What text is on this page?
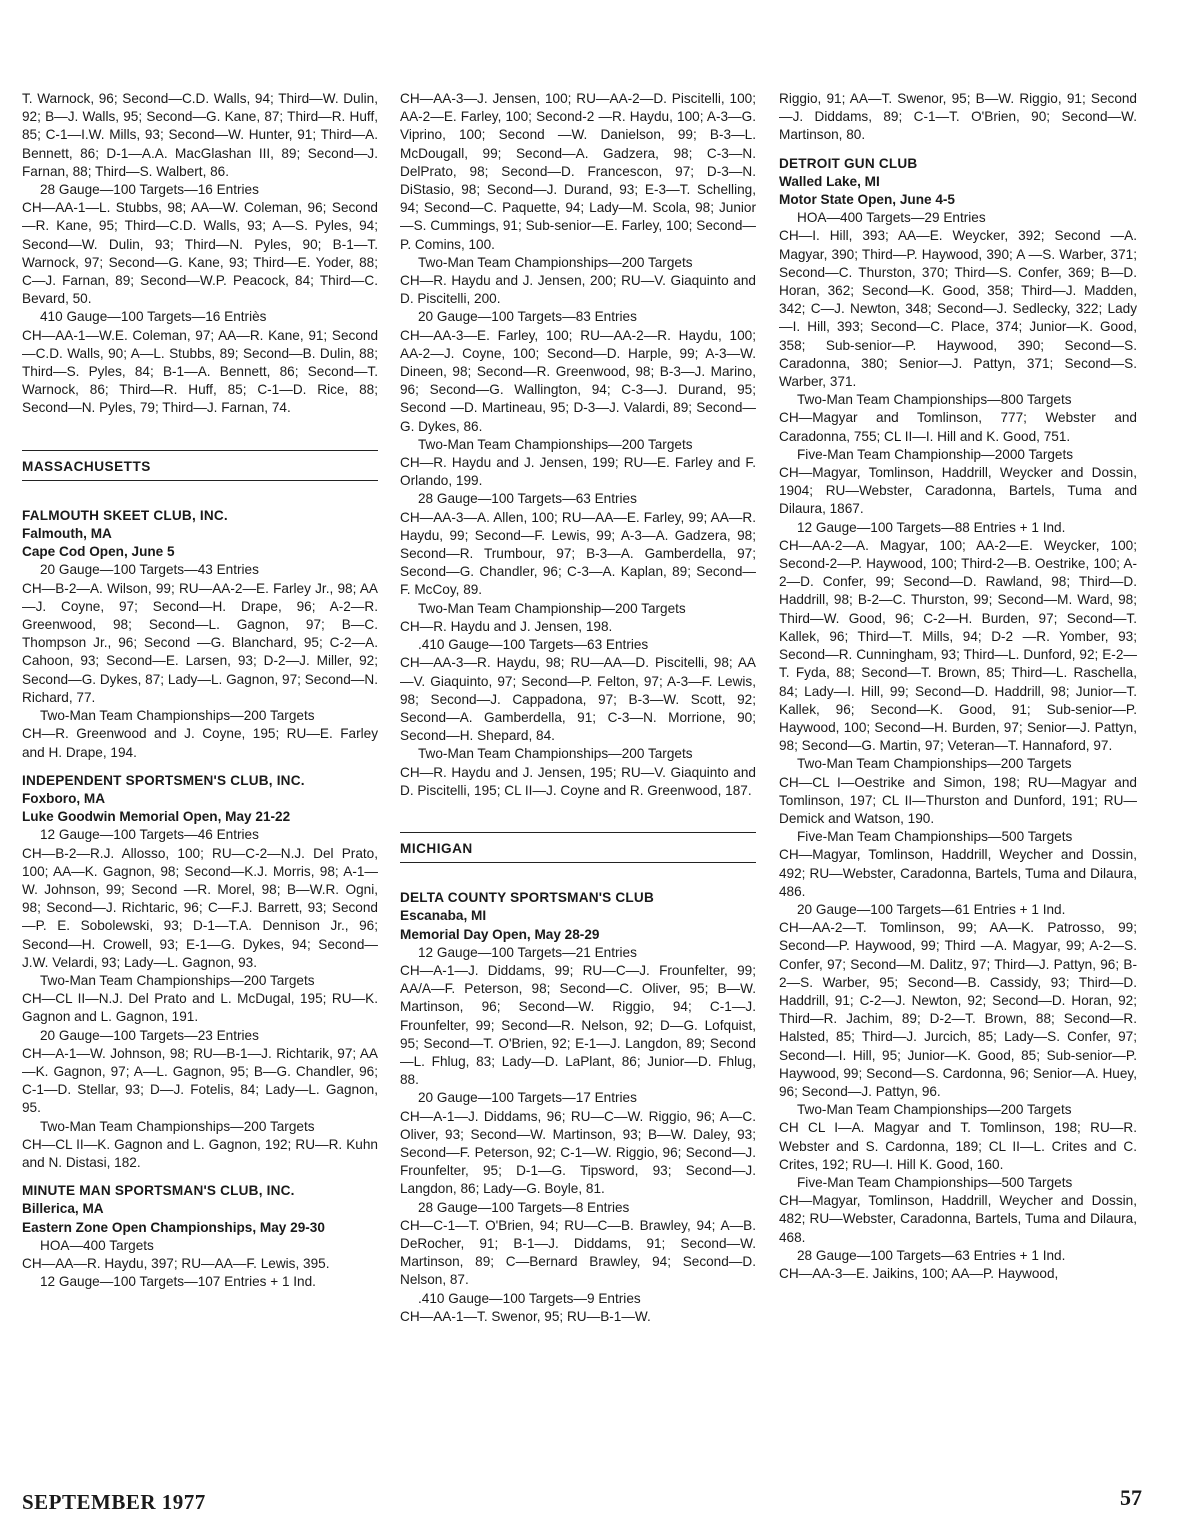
T. Warnock, 96; Second—C.D. Walls, 94; Third—W. Dulin, 92; B—J. Walls, 95; Second—G. Kane, 87; Third—R. Huff, 85; C-1—I.W. Mills, 93; Second—W. Hunter, 91; Third—A. Bennett, 86; D-1—A.A. MacGlashan III, 89; Second—J. Farnan, 88; Third—S. Walbert, 86.

28 Gauge—100 Targets—16 Entries

CH—AA-1—L. Stubbs, 98; AA—W. Coleman, 96; Second—R. Kane, 95; Third—C.D. Walls, 93; A—S. Pyles, 94; Second—W. Dulin, 93; Third—N. Pyles, 90; B-1—T. Warnock, 97; Second—G. Kane, 93; Third—E. Yoder, 88; C—J. Farnan, 89; Second—W.P. Peacock, 84; Third—C. Bevard, 50.

410 Gauge—100 Targets—16 Entriès

CH—AA-1—W.E. Coleman, 97; AA—R. Kane, 91; Second—C.D. Walls, 90; A—L. Stubbs, 89; Second—B. Dulin, 88; Third—S. Pyles, 84; B-1—A. Bennett, 86; Second—T. Warnock, 86; Third—R. Huff, 85; C-1—D. Rice, 88; Second—N. Pyles, 79; Third—J. Farnan, 74.

MASSACHUSETTS

FALMOUTH SKEET CLUB, INC.

Falmouth, MA

Cape Cod Open, June 5

20 Gauge—100 Targets—43 Entries

CH—B-2—A. Wilson, 99; RU—AA-2—E. Farley Jr., 98; AA—J. Coyne, 97; Second—H. Drape, 96; A-2—R. Greenwood, 98; Second—L. Gagnon, 97; B—C. Thompson Jr., 96; Second —G. Blanchard, 95; C-2—A. Cahoon, 93; Second—E. Larsen, 93; D-2—J. Miller, 92; Second—G. Dykes, 87; Lady—L. Gagnon, 97; Second—N. Richard, 77.

Two-Man Team Championships—200 Targets

CH—R. Greenwood and J. Coyne, 195; RU—E. Farley and H. Drape, 194.

INDEPENDENT SPORTSMEN'S CLUB, INC.

Foxboro, MA

Luke Goodwin Memorial Open, May 21-22

12 Gauge—100 Targets—46 Entries

CH—B-2—R.J. Allosso, 100; RU—C-2—N.J. Del Prato, 100; AA—K. Gagnon, 98; Second—K.J. Morris, 98; A-1—W. Johnson, 99; Second —R. Morel, 98; B—W.R. Ogni, 98; Second—J. Richtaric, 96; C—F.J. Barrett, 93; Second—P. E. Sobolewski, 93; D-1—T.A. Dennison Jr., 96; Second—H. Crowell, 93; E-1—G. Dykes, 94; Second—J.W. Velardi, 93; Lady—L. Gagnon, 93.

Two-Man Team Championships—200 Targets

CH—CL II—N.J. Del Prato and L. McDugal, 195; RU—K. Gagnon and L. Gagnon, 191.

20 Gauge—100 Targets—23 Entries

CH—A-1—W. Johnson, 98; RU—B-1—J. Richtarik, 97; AA—K. Gagnon, 97; A—L. Gagnon, 95; B—G. Chandler, 96; C-1—D. Stellar, 93; D—J. Fotelis, 84; Lady—L. Gagnon, 95.

Two-Man Team Championships—200 Targets

CH—CL II—K. Gagnon and L. Gagnon, 192; RU—R. Kuhn and N. Distasi, 182.

MINUTE MAN SPORTSMAN'S CLUB, INC.

Billerica, MA

Eastern Zone Open Championships, May 29-30

HOA—400 Targets

CH—AA—R. Haydu, 397; RU—AA—F. Lewis, 395.

12 Gauge—100 Targets—107 Entries + 1 Ind.

CH—AA-3—J. Jensen, 100; RU—AA-2—D. Piscitelli, 100; AA-2—E. Farley, 100; Second-2 —R. Haydu, 100; A-3—G. Viprino, 100; Second —W. Danielson, 99; B-3—L. McDougall, 99; Second—A. Gadzera, 98; C-3—N. DelPrato, 98; Second—D. Francescon, 97; D-3—N. DiStasio, 98; Second—J. Durand, 93; E-3—T. Schelling, 94; Second—C. Paquette, 94; Lady—M. Scola, 98; Junior—S. Cummings, 91; Sub-senior—E. Farley, 100; Second—P. Comins, 100.

Two-Man Team Championships—200 Targets

CH—R. Haydu and J. Jensen, 200; RU—V. Giaquinto and D. Piscitelli, 200.

20 Gauge—100 Targets—83 Entries

CH—AA-3—E. Farley, 100; RU—AA-2—R. Haydu, 100; AA-2—J. Coyne, 100; Second—D. Harple, 99; A-3—W. Dineen, 98; Second—R. Greenwood, 98; B-3—J. Marino, 96; Second—G. Wallington, 94; C-3—J. Durand, 95; Second —D. Martineau, 95; D-3—J. Valardi, 89; Second—G. Dykes, 86.

Two-Man Team Championships—200 Targets

CH—R. Haydu and J. Jensen, 199; RU—E. Farley and F. Orlando, 199.

28 Gauge—100 Targets—63 Entries

CH—AA-3—A. Allen, 100; RU—AA—E. Farley, 99; AA—R. Haydu, 99; Second—F. Lewis, 99; A-3—A. Gadzera, 98; Second—R. Trumbour, 97; B-3—A. Gamberdella, 97; Second—G. Chandler, 96; C-3—A. Kaplan, 89; Second—F. McCoy, 89.

Two-Man Team Championship—200 Targets

CH—R. Haydu and J. Jensen, 198.

.410 Gauge—100 Targets—63 Entries

CH—AA-3—R. Haydu, 98; RU—AA—D. Piscitelli, 98; AA—V. Giaquinto, 97; Second—P. Felton, 97; A-3—F. Lewis, 98; Second—J. Cappadona, 97; B-3—W. Scott, 92; Second—A. Gamberdella, 91; C-3—N. Morrione, 90; Second—H. Shepard, 84.

Two-Man Team Championships—200 Targets

CH—R. Haydu and J. Jensen, 195; RU—V. Giaquinto and D. Piscitelli, 195; CL II—J. Coyne and R. Greenwood, 187.

MICHIGAN

DELTA COUNTY SPORTSMAN'S CLUB

Escanaba, MI

Memorial Day Open, May 28-29

12 Gauge—100 Targets—21 Entries

CH—A-1—J. Diddams, 99; RU—C—J. Frounfelter, 99; AA/A—F. Peterson, 98; Second—C. Oliver, 95; B—W. Martinson, 96; Second—W. Riggio, 94; C-1—J. Frounfelter, 99; Second—R. Nelson, 92; D—G. Lofquist, 95; Second—T. O'Brien, 92; E-1—J. Langdon, 89; Second—L. Fhlug, 83; Lady—D. LaPlant, 86; Junior—D. Fhlug, 88.

20 Gauge—100 Targets—17 Entries

CH—A-1—J. Diddams, 96; RU—C—W. Riggio, 96; A—C. Oliver, 93; Second—W. Martinson, 93; B—W. Daley, 93; Second—F. Peterson, 92; C-1—W. Riggio, 96; Second—J. Frounfelter, 95; D-1—G. Tipsword, 93; Second—J. Langdon, 86; Lady—G. Boyle, 81.

28 Gauge—100 Targets—8 Entries

CH—C-1—T. O'Brien, 94; RU—C—B. Brawley, 94; A—B. DeRocher, 91; B-1—J. Diddams, 91; Second—W. Martinson, 89; C—Bernard Brawley, 94; Second—D. Nelson, 87.

.410 Gauge—100 Targets—9 Entries

CH—AA-1—T. Swenor, 95; RU—B-1—W.

Riggio, 91; AA—T. Swenor, 95; B—W. Riggio, 91; Second—J. Diddams, 89; C-1—T. O'Brien, 90; Second—W. Martinson, 80.

DETROIT GUN CLUB

Walled Lake, MI

Motor State Open, June 4-5

HOA—400 Targets—29 Entries

CH—I. Hill, 393; AA—E. Weycker, 392; Second —A. Magyar, 390; Third—P. Haywood, 390; A —S. Warber, 371; Second—C. Thurston, 370; Third—S. Confer, 369; B—D. Horan, 362; Second—K. Good, 358; Third—J. Madden, 342; C—J. Newton, 348; Second—J. Sedlecky, 322; Lady—I. Hill, 393; Second—C. Place, 374; Junior—K. Good, 358; Sub-senior—P. Haywood, 390; Second—S. Caradonna, 380; Senior—J. Pattyn, 371; Second—S. Warber, 371.

Two-Man Team Championships—800 Targets

CH—Magyar and Tomlinson, 777; Webster and Caradonna, 755; CL II—I. Hill and K. Good, 751.

Five-Man Team Championship—2000 Targets

CH—Magyar, Tomlinson, Haddrill, Weycker and Dossin, 1904; RU—Webster, Caradonna, Bartels, Tuma and Dilaura, 1867.

12 Gauge—100 Targets—88 Entries + 1 Ind.

CH—AA-2—A. Magyar, 100; AA-2—E. Weycker, 100; Second-2—P. Haywood, 100; Third-2—B. Oestrike, 100; A-2—D. Confer, 99; Second—D. Rawland, 98; Third—D. Haddrill, 98; B-2—C. Thurston, 99; Second—M. Ward, 98; Third—W. Good, 96; C-2—H. Burden, 97; Second—T. Kallek, 96; Third—T. Mills, 94; D-2 —R. Yomber, 93; Second—R. Cunningham, 93; Third—L. Dunford, 92; E-2—T. Fyda, 88; Second—T. Brown, 85; Third—L. Raschella, 84; Lady—I. Hill, 99; Second—D. Haddrill, 98; Junior—T. Kallek, 96; Second—K. Good, 91; Sub-senior—P. Haywood, 100; Second—H. Burden, 97; Senior—J. Pattyn, 98; Second—G. Martin, 97; Veteran—T. Hannaford, 97.

Two-Man Team Championships—200 Targets

CH—CL I—Oestrike and Simon, 198; RU—Magyar and Tomlinson, 197; CL II—Thurston and Dunford, 191; RU—Demick and Watson, 190.

Five-Man Team Championships—500 Targets

CH—Magyar, Tomlinson, Haddrill, Weycher and Dossin, 492; RU—Webster, Caradonna, Bartels, Tuma and Dilaura, 486.

20 Gauge—100 Targets—61 Entries + 1 Ind.

CH—AA-2—T. Tomlinson, 99; AA—K. Patrosso, 99; Second—P. Haywood, 99; Third —A. Magyar, 99; A-2—S. Confer, 97; Second—M. Dalitz, 97; Third—J. Pattyn, 96; B-2—S. Warber, 95; Second—B. Cassidy, 93; Third—D. Haddrill, 91; C-2—J. Newton, 92; Second—D. Horan, 92; Third—R. Jachim, 89; D-2—T. Brown, 88; Second—R. Halsted, 85; Third—J. Jurcich, 85; Lady—S. Confer, 97; Second—I. Hill, 95; Junior—K. Good, 85; Sub-senior—P. Haywood, 99; Second—S. Cardonna, 96; Senior—A. Huey, 96; Second—J. Pattyn, 96.

Two-Man Team Championships—200 Targets

CH CL I—A. Magyar and T. Tomlinson, 198; RU—R. Webster and S. Cardonna, 189; CL II—L. Crites and C. Crites, 192; RU—I. Hill K. Good, 160.

Five-Man Team Championships—500 Targets

CH—Magyar, Tomlinson, Haddrill, Weycher and Dossin, 482; RU—Webster, Caradonna, Bartels, Tuma and Dilaura, 468.

28 Gauge—100 Targets—63 Entries + 1 Ind.

CH—AA-3—E. Jaikins, 100; AA—P. Haywood,

SEPTEMBER 1977	57
